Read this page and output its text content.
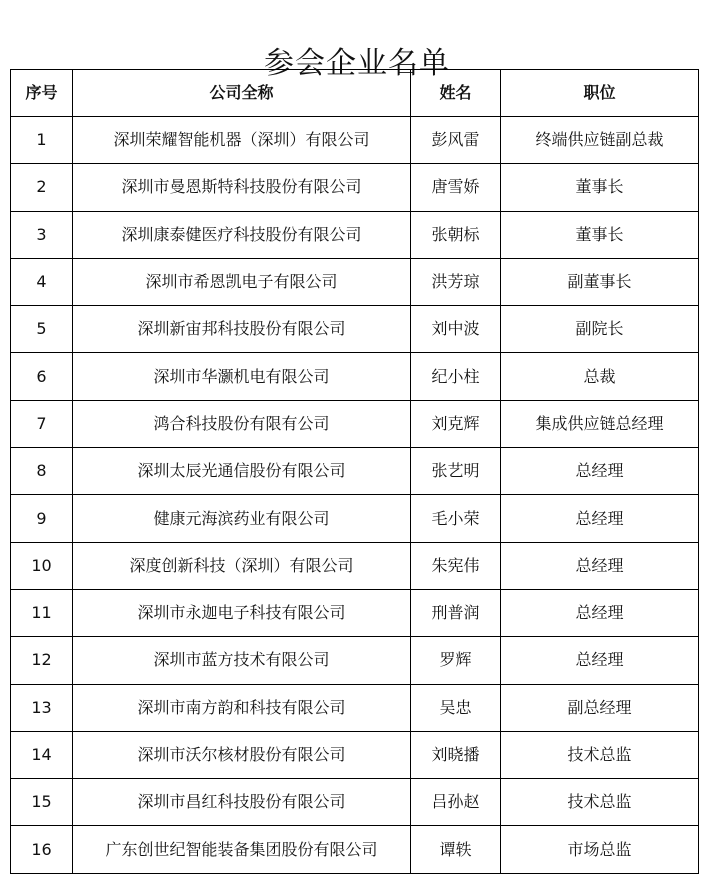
参会企业名单
序号	公司全称	姓名	职位
1	深圳荣耀智能机器（深圳）有限公司	彭风雷	终端供应链副总裁
2	深圳市曼恩斯特科技股份有限公司	唐雪娇	董事长
3	深圳康泰健医疗科技股份有限公司	张朝标	董事长
4	深圳市希恩凯电子有限公司	洪芳琼	副董事长
5	深圳新宙邦科技股份有限公司	刘中波	副院长
6	深圳市华灏机电有限公司	纪小柱	总裁
7	鸿合科技股份有限有公司	刘克辉	集成供应链总经理
8	深圳太辰光通信股份有限公司	张艺明	总经理
9	健康元海滨药业有限公司	毛小荣	总经理
10	深度创新科技（深圳）有限公司	朱宪伟	总经理
11	深圳市永迦电子科技有限公司	刑普润	总经理
12	深圳市蓝方技术有限公司	罗辉	总经理
13	深圳市南方韵和科技有限公司	吴忠	副总经理
14	深圳市沃尔核材股份有限公司	刘晓播	技术总监
15	深圳市昌红科技股份有限公司	吕孙赵	技术总监
16	广东创世纪智能装备集团股份有限公司	谭轶	市场总监
